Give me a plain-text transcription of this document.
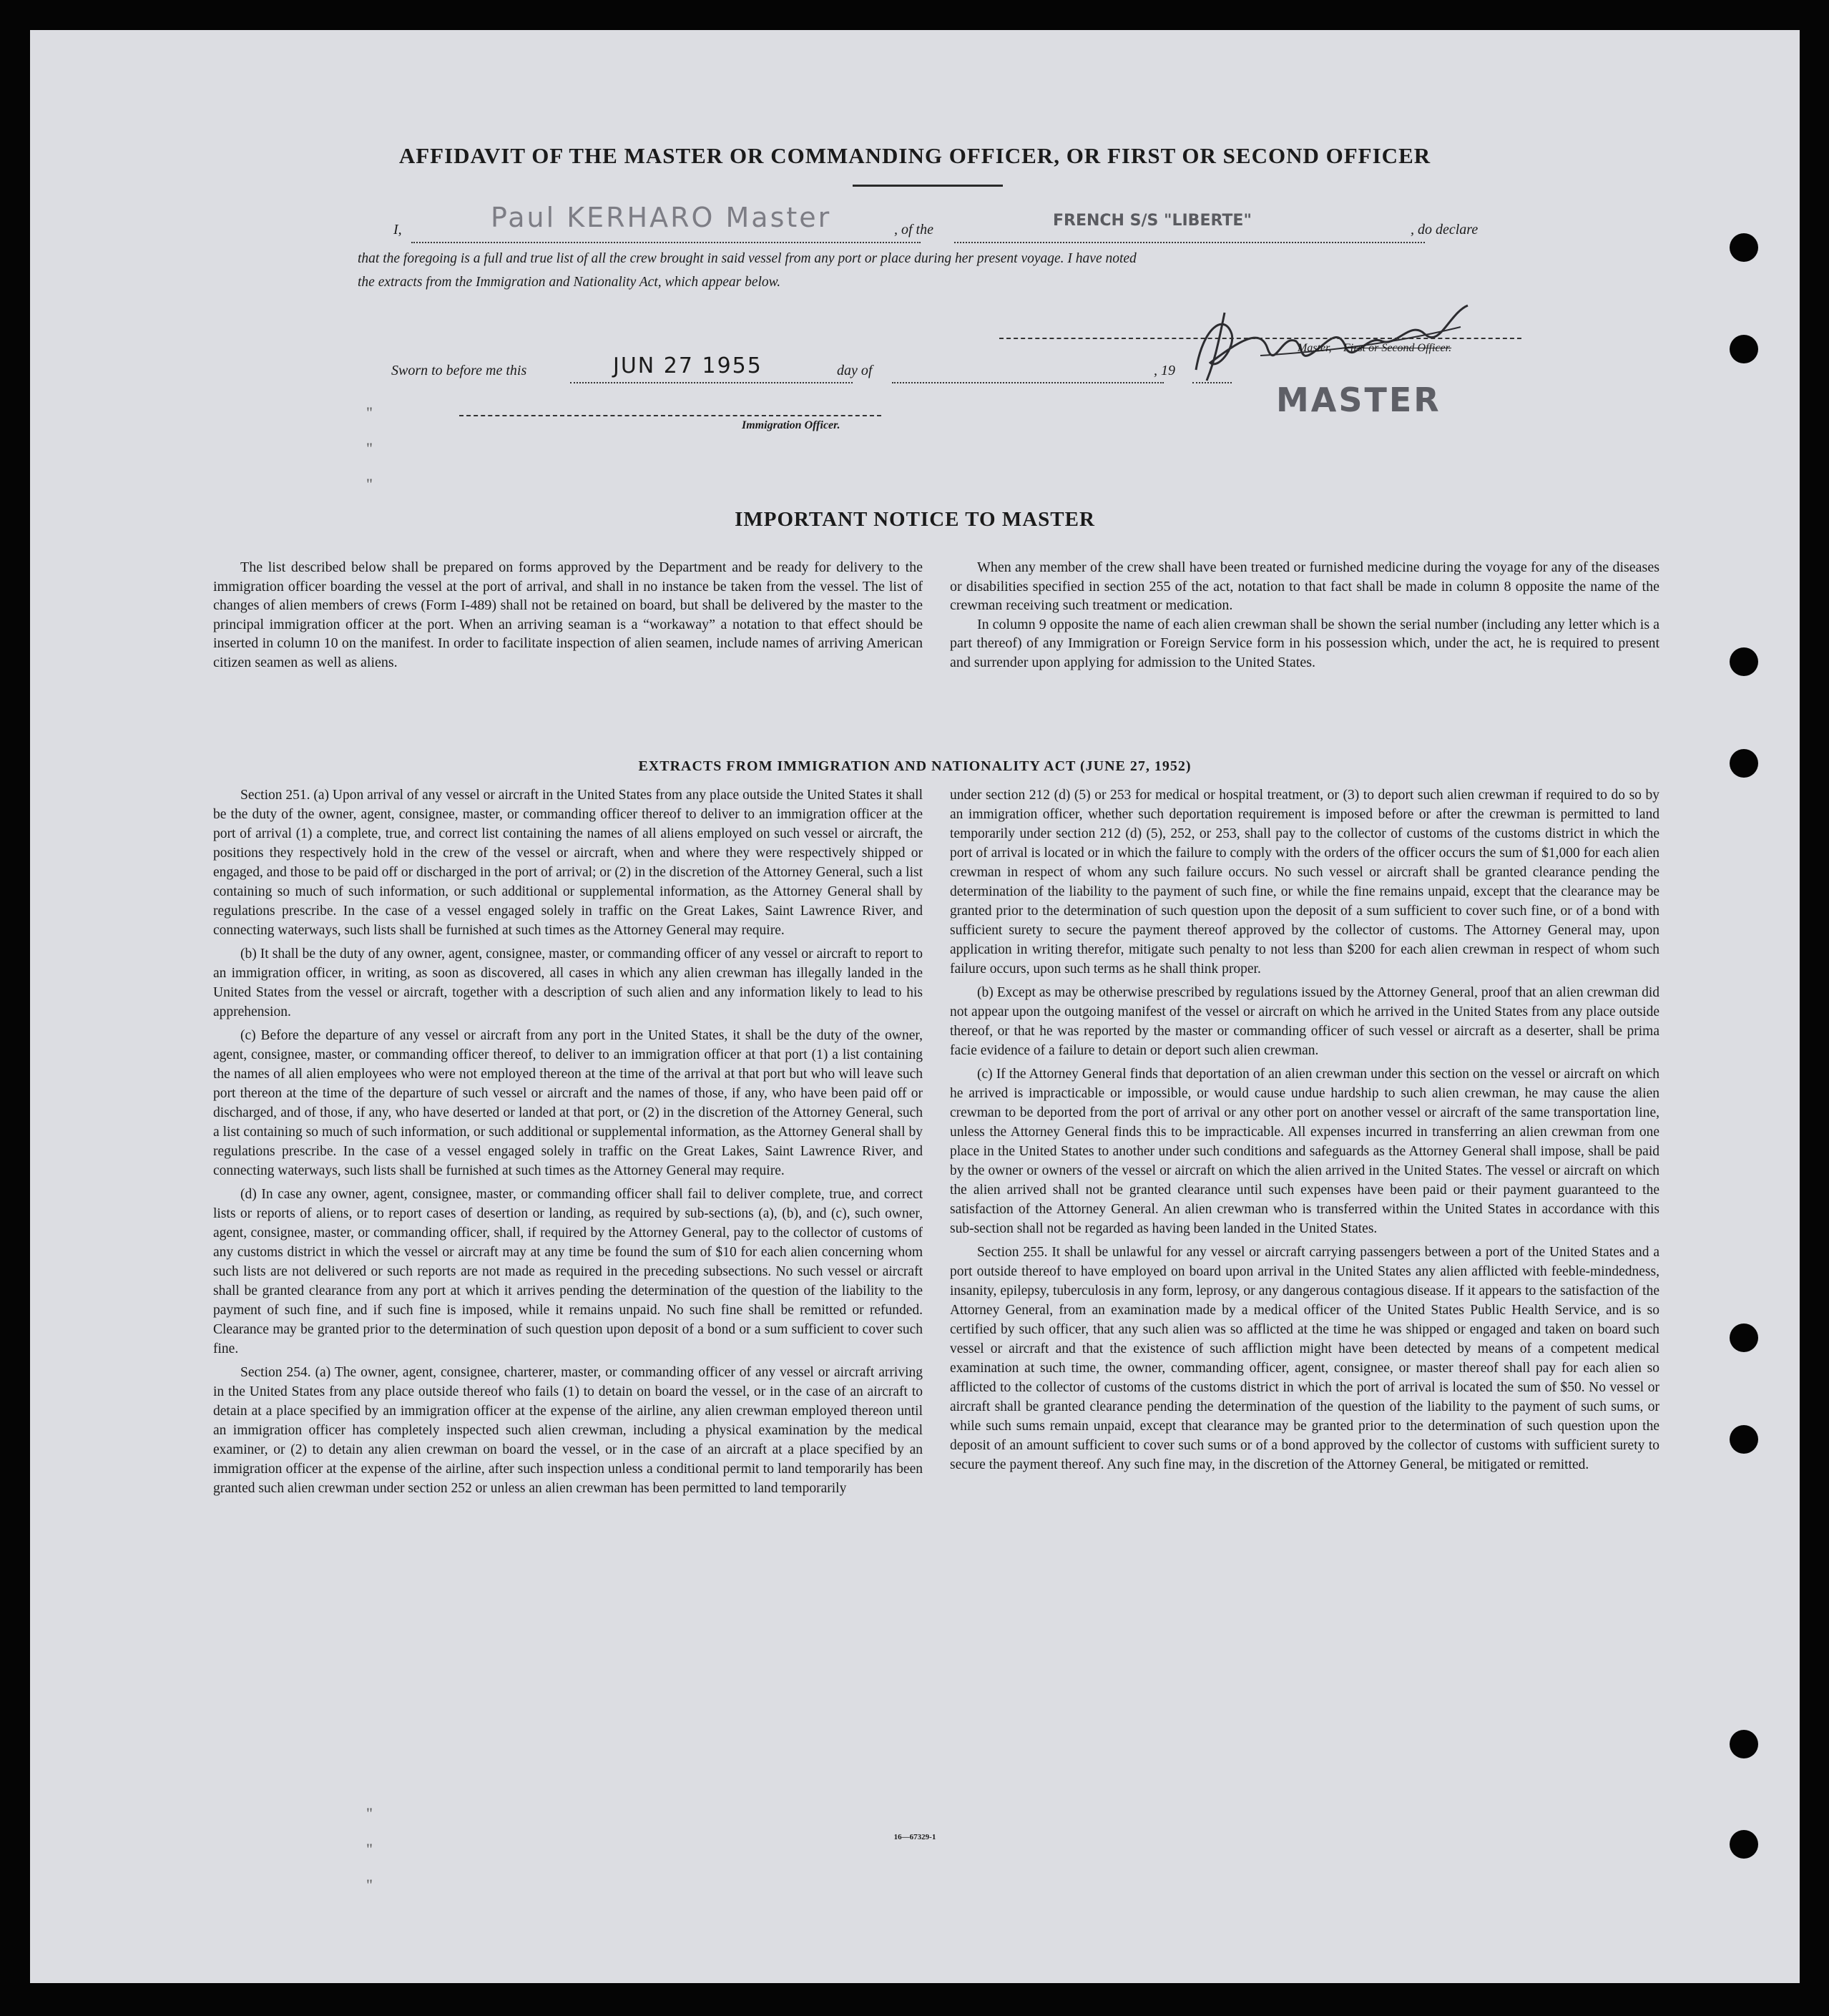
AFFIDAVIT OF THE MASTER OR COMMANDING OFFICER, OR FIRST OR SECOND OFFICER
I,	Paul KERHARO Master	, of the	FRENCH S/S "LIBERTE"	, do declare
that the foregoing is a full and true list of all the crew brought in said vessel from any port or place during her present voyage. I have noted
the extracts from the Immigration and Nationality Act, which appear below.
Master, First or Second Officer.
Sworn to before me this	JUN 27 1955	day of	, 19
MASTER
Immigration Officer.
"
"
"
"
"
"
IMPORTANT NOTICE TO MASTER

The list described below shall be prepared on forms approved by the Department and be ready for delivery to the immigration officer boarding the vessel at the port of arrival, and shall in no instance be taken from the vessel. The list of changes of alien members of crews (Form I-489) shall not be retained on board, but shall be delivered by the master to the principal immigration officer at the port. When an arriving seaman is a “workaway” a notation to that effect should be inserted in column 10 on the manifest. In order to facilitate inspection of alien seamen, include names of arriving American citizen seamen as well as aliens.

When any member of the crew shall have been treated or furnished medicine during the voyage for any of the diseases or disabilities specified in section 255 of the act, notation to that fact shall be made in column 8 opposite the name of the crewman receiving such treatment or medication.

In column 9 opposite the name of each alien crewman shall be shown the serial number (including any letter which is a part thereof) of any Immigration or Foreign Service form in his possession which, under the act, he is required to present and surrender upon applying for admission to the United States.

EXTRACTS FROM IMMIGRATION AND NATIONALITY ACT (JUNE 27, 1952)

Section 251. (a) Upon arrival of any vessel or aircraft in the United States from any place outside the United States it shall be the duty of the owner, agent, consignee, master, or commanding officer thereof to deliver to an immigration officer at the port of arrival (1) a complete, true, and correct list containing the names of all aliens employed on such vessel or aircraft, the positions they respectively hold in the crew of the vessel or aircraft, when and where they were respectively shipped or engaged, and those to be paid off or discharged in the port of arrival; or (2) in the discretion of the Attorney General, such a list containing so much of such information, or such additional or supplemental information, as the Attorney General shall by regulations prescribe. In the case of a vessel engaged solely in traffic on the Great Lakes, Saint Lawrence River, and connecting waterways, such lists shall be furnished at such times as the Attorney General may require.

(b) It shall be the duty of any owner, agent, consignee, master, or commanding officer of any vessel or aircraft to report to an immigration officer, in writing, as soon as discovered, all cases in which any alien crewman has illegally landed in the United States from the vessel or aircraft, together with a description of such alien and any information likely to lead to his apprehension.

(c) Before the departure of any vessel or aircraft from any port in the United States, it shall be the duty of the owner, agent, consignee, master, or commanding officer thereof, to deliver to an immigration officer at that port (1) a list containing the names of all alien employees who were not employed thereon at the time of the arrival at that port but who will leave such port thereon at the time of the departure of such vessel or aircraft and the names of those, if any, who have been paid off or discharged, and of those, if any, who have deserted or landed at that port, or (2) in the discretion of the Attorney General, such a list containing so much of such information, or such additional or supplemental information, as the Attorney General shall by regulations prescribe. In the case of a vessel engaged solely in traffic on the Great Lakes, Saint Lawrence River, and connecting waterways, such lists shall be furnished at such times as the Attorney General may require.

(d) In case any owner, agent, consignee, master, or commanding officer shall fail to deliver complete, true, and correct lists or reports of aliens, or to report cases of desertion or landing, as required by sub-sections (a), (b), and (c), such owner, agent, consignee, master, or commanding officer, shall, if required by the Attorney General, pay to the collector of customs of any customs district in which the vessel or aircraft may at any time be found the sum of $10 for each alien concerning whom such lists are not delivered or such reports are not made as required in the preceding subsections. No such vessel or aircraft shall be granted clearance from any port at which it arrives pending the determination of the question of the liability to the payment of such fine, and if such fine is imposed, while it remains unpaid. No such fine shall be remitted or refunded. Clearance may be granted prior to the determination of such question upon deposit of a bond or a sum sufficient to cover such fine.

Section 254. (a) The owner, agent, consignee, charterer, master, or commanding officer of any vessel or aircraft arriving in the United States from any place outside thereof who fails (1) to detain on board the vessel, or in the case of an aircraft to detain at a place specified by an immigration officer at the expense of the airline, any alien crewman employed thereon until an immigration officer has completely inspected such alien crewman, including a physical examination by the medical examiner, or (2) to detain any alien crewman on board the vessel, or in the case of an aircraft at a place specified by an immigration officer at the expense of the airline, after such inspection unless a conditional permit to land temporarily has been granted such alien crewman under section 252 or unless an alien crewman has been permitted to land temporarily

under section 212 (d) (5) or 253 for medical or hospital treatment, or (3) to deport such alien crewman if required to do so by an immigration officer, whether such deportation requirement is imposed before or after the crewman is permitted to land temporarily under section 212 (d) (5), 252, or 253, shall pay to the collector of customs of the customs district in which the port of arrival is located or in which the failure to comply with the orders of the officer occurs the sum of $1,000 for each alien crewman in respect of whom any such failure occurs. No such vessel or aircraft shall be granted clearance pending the determination of the liability to the payment of such fine, or while the fine remains unpaid, except that the clearance may be granted prior to the determination of such question upon the deposit of a sum sufficient to cover such fine, or of a bond with sufficient surety to secure the payment thereof approved by the collector of customs. The Attorney General may, upon application in writing therefor, mitigate such penalty to not less than $200 for each alien crewman in respect of whom such failure occurs, upon such terms as he shall think proper.

(b) Except as may be otherwise prescribed by regulations issued by the Attorney General, proof that an alien crewman did not appear upon the outgoing manifest of the vessel or aircraft on which he arrived in the United States from any place outside thereof, or that he was reported by the master or commanding officer of such vessel or aircraft as a deserter, shall be prima facie evidence of a failure to detain or deport such alien crewman.

(c) If the Attorney General finds that deportation of an alien crewman under this section on the vessel or aircraft on which he arrived is impracticable or impossible, or would cause undue hardship to such alien crewman, he may cause the alien crewman to be deported from the port of arrival or any other port on another vessel or aircraft of the same transportation line, unless the Attorney General finds this to be impracticable. All expenses incurred in transferring an alien crewman from one place in the United States to another under such conditions and safeguards as the Attorney General shall impose, shall be paid by the owner or owners of the vessel or aircraft on which the alien arrived in the United States. The vessel or aircraft on which the alien arrived shall not be granted clearance until such expenses have been paid or their payment guaranteed to the satisfaction of the Attorney General. An alien crewman who is transferred within the United States in accordance with this sub-section shall not be regarded as having been landed in the United States.

Section 255. It shall be unlawful for any vessel or aircraft carrying passengers between a port of the United States and a port outside thereof to have employed on board upon arrival in the United States any alien afflicted with feeble-mindedness, insanity, epilepsy, tuberculosis in any form, leprosy, or any dangerous contagious disease. If it appears to the satisfaction of the Attorney General, from an examination made by a medical officer of the United States Public Health Service, and is so certified by such officer, that any such alien was so afflicted at the time he was shipped or engaged and taken on board such vessel or aircraft and that the existence of such affliction might have been detected by means of a competent medical examination at such time, the owner, commanding officer, agent, consignee, or master thereof shall pay for each alien so afflicted to the collector of customs of the customs district in which the port of arrival is located the sum of $50. No vessel or aircraft shall be granted clearance pending the determination of the question of the liability to the payment of such sums, or while such sums remain unpaid, except that clearance may be granted prior to the determination of such question upon the deposit of an amount sufficient to cover such sums or of a bond approved by the collector of customs with sufficient surety to secure the payment thereof. Any such fine may, in the discretion of the Attorney General, be mitigated or remitted.

16—67329-1
